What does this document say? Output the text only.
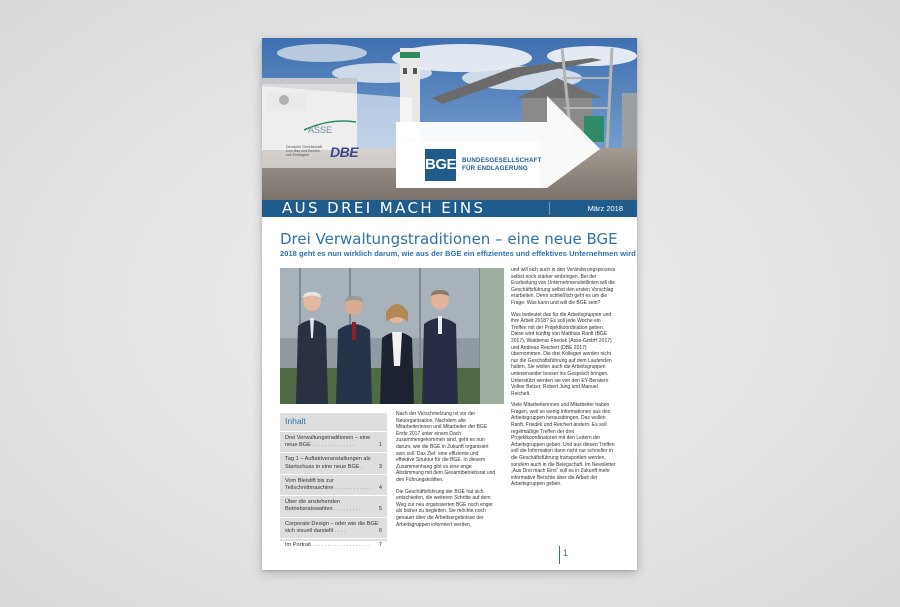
ASSE
Deutsche Gesellschaft zum Bau und Betrieb von Endlagern	DBE
BGE BUNDESGESELLSCHAFT
FÜR ENDLAGERUNG
AUS DREI MACH EINS	März 2018
Drei Verwaltungstraditionen – eine neue BGE
2018 geht es nun wirklich darum, wie aus der BGE ein effizientes und effektives Unternehmen wird
Inhalt
Drei Verwaltungstraditionen – eine neue BGE . . . . . . . . . . . . . .	1
Tag 1 – Auftaktveranstaltungen als Startschuss in eine neue BGE .	3
Vom Bleistift bis zur Teilschnittmaschine . . . . . . . . . . . . 4
Über die anstehenden Betriebsratswahlen . . . . . . . . .	5
Corporate Design – oder wie die BGE sich visuell darstellt . . . .	6
Im Portrait . . . . . . . . . . . . . . . . . . . 7

Nach der Verschmelzung ist vor der Neuorganisation. Nachdem alle Mitarbeiterinnen und Mitarbeiter der BGE Ende 2017 unter einem Dach zusammengekommen sind, geht es nun darum, wie die BGE in Zukunft organisiert sein soll. Das Ziel: eine effiziente und effektive Struktur für die BGE. In diesem Zusammenhang gibt es eine enge Abstimmung mit dem Gesamtbetriebsrat und den Führungskräften.

Die Geschäftsführung der BGE hat sich entschieden, die weiteren Schritte auf dem Weg zur neu organisierten BGE noch enger als bisher zu begleiten. Sie möchte noch genauer über die Arbeitsergebnisse der Arbeitsgruppen informiert werden,

und will sich auch in den Veränderungsprozess selbst noch stärker einbringen. Bei der Erarbeitung von Unternehmensleitlinien will die Geschäftsführung selbst den ersten Vorschlag erarbeiten. Denn schließlich geht es um die Frage: Was kann und will die BGE sein?

Was bedeutet das für die Arbeitsgruppen und ihre Arbeit 2018? Es soll jede Woche ein Treffen mit der Projektkoordination geben. Diese wird künftig von Matthias Ranft (BGE 2017), Waldemar Friedek (Asse-GmbH 2017) und Andreas Reichert (DBE 2017) übernommen. Die drei Kollegen werden nicht nur die Geschäftsführung auf dem Laufenden halten. Sie wollen auch die Arbeitsgruppen untereinander besser ins Gespräch bringen. Unterstützt werden sie von den EY-Beratern Volker Belzer, Robert Jung und Manuel Reichelt.

Viele Mitarbeiterinnen und Mitarbeiter haben Fragen, weil so wenig Informationen aus den Arbeitsgruppen herausdringen. Das wollen Ranft, Friedek und Reichert ändern. Es soll regelmäßige Treffen der drei Projektkoordinatoren mit den Leitern der Arbeitsgruppen geben. Und aus diesen Treffen soll die Information dann nicht nur schneller in die Geschäftsführung transportiert werden, sondern auch in die Belegschaft. Im Newsletter „Aus Drei mach Eins“ soll es in Zukunft mehr informative Berichte über die Arbeit der Arbeitsgruppen geben.

1
